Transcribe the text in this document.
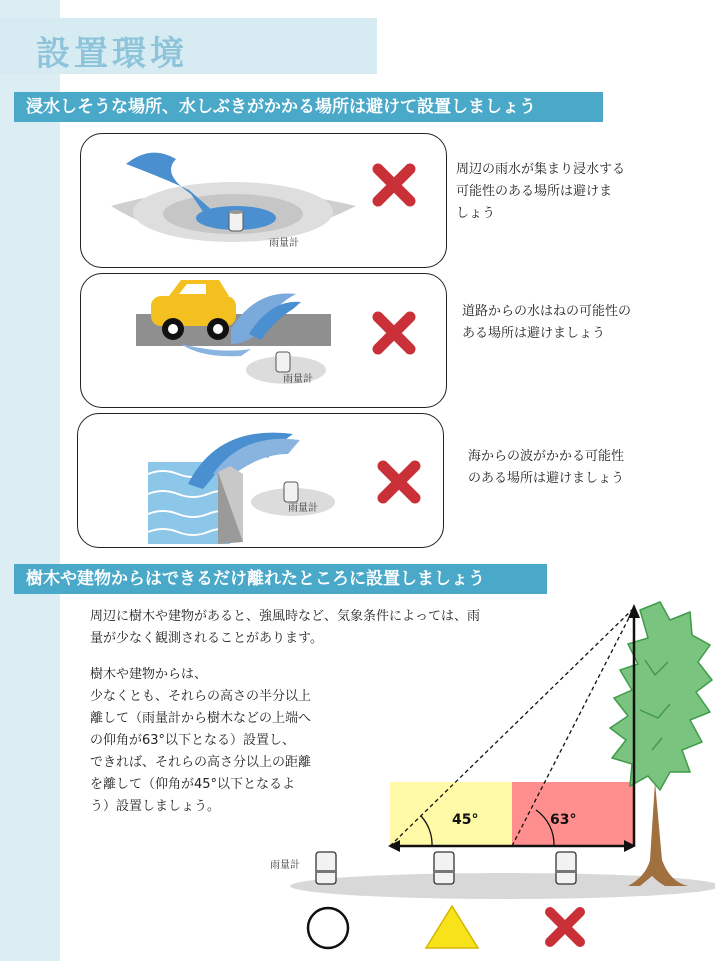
設置環境
浸水しそうな場所、水しぶきがかかる場所は避けて設置しましょう
雨量計
周辺の雨水が集まり浸水する
可能性のある場所は避けま
しょう
雨量計
道路からの水はねの可能性の
ある場所は避けましょう
雨量計
海からの波がかかる可能性
のある場所は避けましょう
樹木や建物からはできるだけ離れたところに設置しましょう
周辺に樹木や建物があると、強風時など、気象条件によっては、雨
量が少なく観測されることがあります。
樹木や建物からは、
少なくとも、それらの高さの半分以上
離して（雨量計から樹木などの上端へ
の仰角が63°以下となる）設置し、
できれば、それらの高さ分以上の距離
を離して（仰角が45°以下となるよ
う）設置しましょう。
45°	63°
雨量計
